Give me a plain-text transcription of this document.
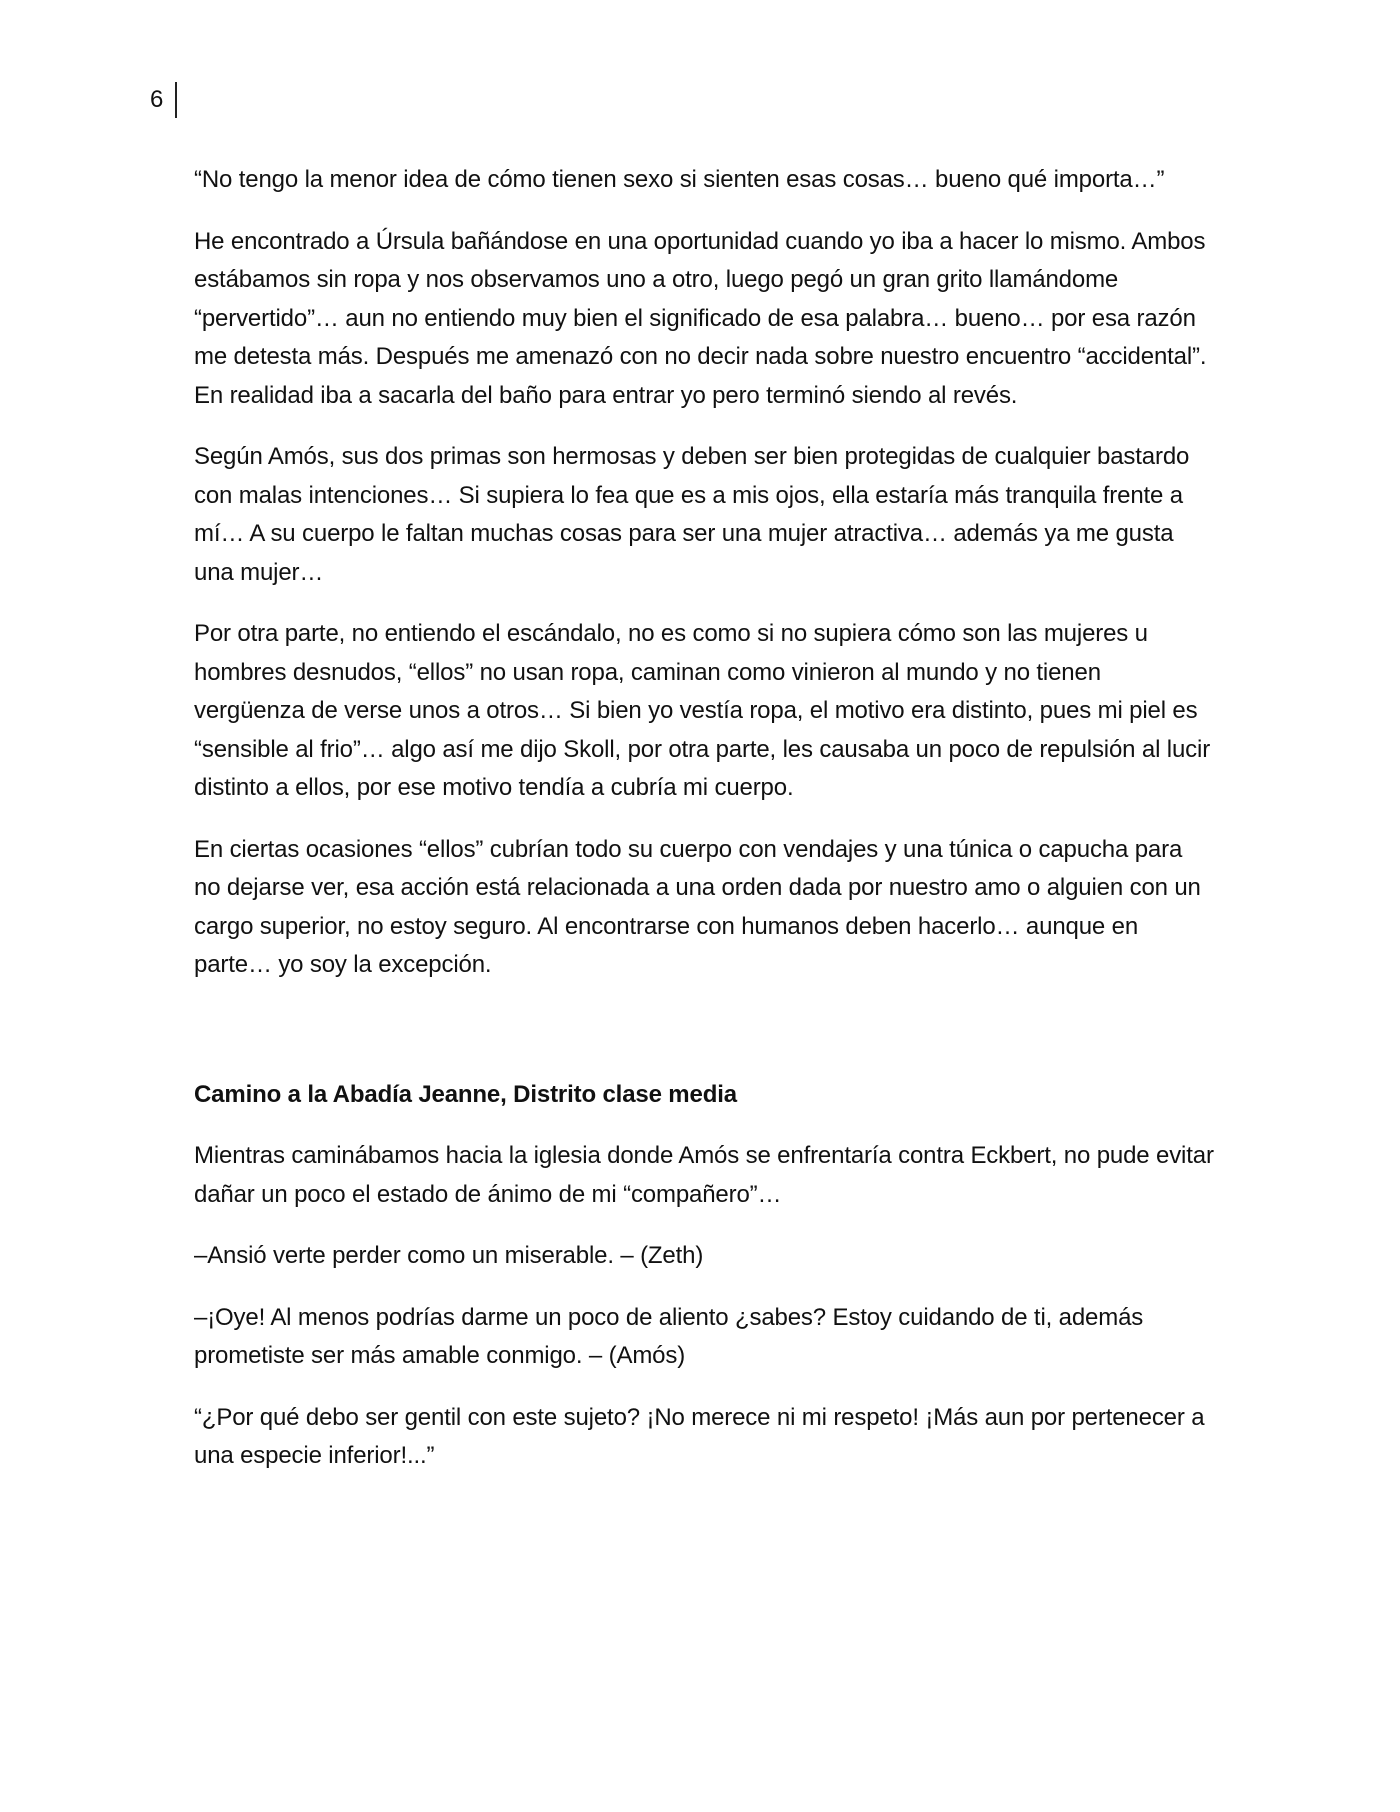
6

“No tengo la menor idea de cómo tienen sexo si sienten esas cosas… bueno qué importa…”

He encontrado a Úrsula bañándose en una oportunidad cuando yo iba a hacer lo mismo. Ambos estábamos sin ropa y nos observamos uno a otro, luego pegó un gran grito llamándome “pervertido”… aun no entiendo muy bien el significado de esa palabra… bueno… por esa razón me detesta más. Después me amenazó con no decir nada sobre nuestro encuentro “accidental”. En realidad iba a sacarla del baño para entrar yo pero terminó siendo al revés.

Según Amós, sus dos primas son hermosas y deben ser bien protegidas de cualquier bastardo con malas intenciones… Si supiera lo fea que es a mis ojos, ella estaría más tranquila frente a mí… A su cuerpo le faltan muchas cosas para ser una mujer atractiva… además ya me gusta una mujer…

Por otra parte, no entiendo el escándalo, no es como si no supiera cómo son las mujeres u hombres desnudos, “ellos” no usan ropa, caminan como vinieron al mundo y no tienen vergüenza de verse unos a otros… Si bien yo vestía ropa, el motivo era distinto, pues mi piel es “sensible al frio”… algo así me dijo Skoll, por otra parte, les causaba un poco de repulsión al lucir distinto a ellos, por ese motivo tendía a cubría mi cuerpo.

En ciertas ocasiones “ellos” cubrían todo su cuerpo con vendajes y una túnica o capucha para no dejarse ver, esa acción está relacionada a una orden dada por nuestro amo o alguien con un cargo superior, no estoy seguro. Al encontrarse con humanos deben hacerlo… aunque en parte… yo soy la excepción.

Camino a la Abadía Jeanne, Distrito clase media

Mientras caminábamos hacia la iglesia donde Amós se enfrentaría contra Eckbert, no pude evitar dañar un poco el estado de ánimo de mi “compañero”…

–Ansió verte perder como un miserable. – (Zeth)

–¡Oye! Al menos podrías darme un poco de aliento ¿sabes? Estoy cuidando de ti, además prometiste ser más amable conmigo. – (Amós)

“¿Por qué debo ser gentil con este sujeto? ¡No merece ni mi respeto! ¡Más aun por pertenecer a una especie inferior!...”
